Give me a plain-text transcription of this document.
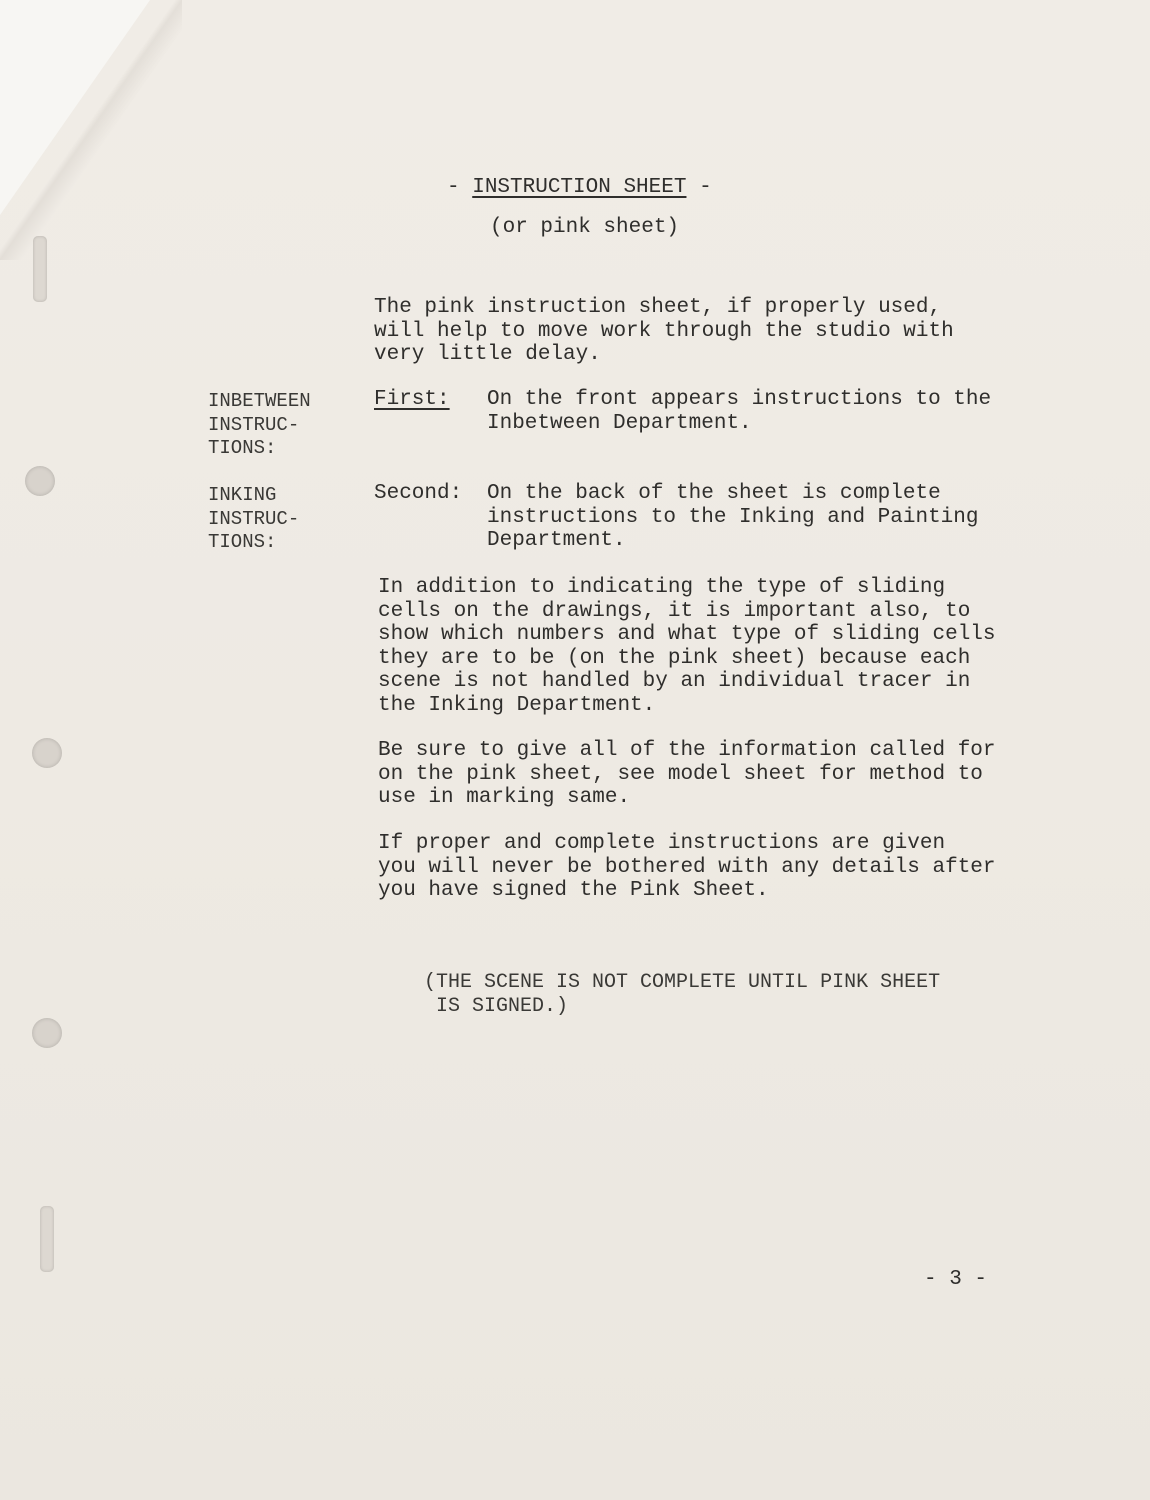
- INSTRUCTION SHEET -
(or pink sheet)

The pink instruction sheet, if properly used,
will help to move work through the studio with
very little delay.

INBETWEEN
INSTRUC-
TIONS:

First: On the front appears instructions to the
Inbetween Department.

INKING
INSTRUC-
TIONS:

Second: On the back of the sheet is complete
instructions to the Inking and Painting
Department.

In addition to indicating the type of sliding
cells on the drawings, it is important also, to
show which numbers and what type of sliding cells
they are to be (on the pink sheet) because each
scene is not handled by an individual tracer in
the Inking Department.

Be sure to give all of the information called for
on the pink sheet, see model sheet for method to
use in marking same.

If proper and complete instructions are given
you will never be bothered with any details after
you have signed the Pink Sheet.

(THE SCENE IS NOT COMPLETE UNTIL PINK SHEET
IS SIGNED.)

- 3 -
